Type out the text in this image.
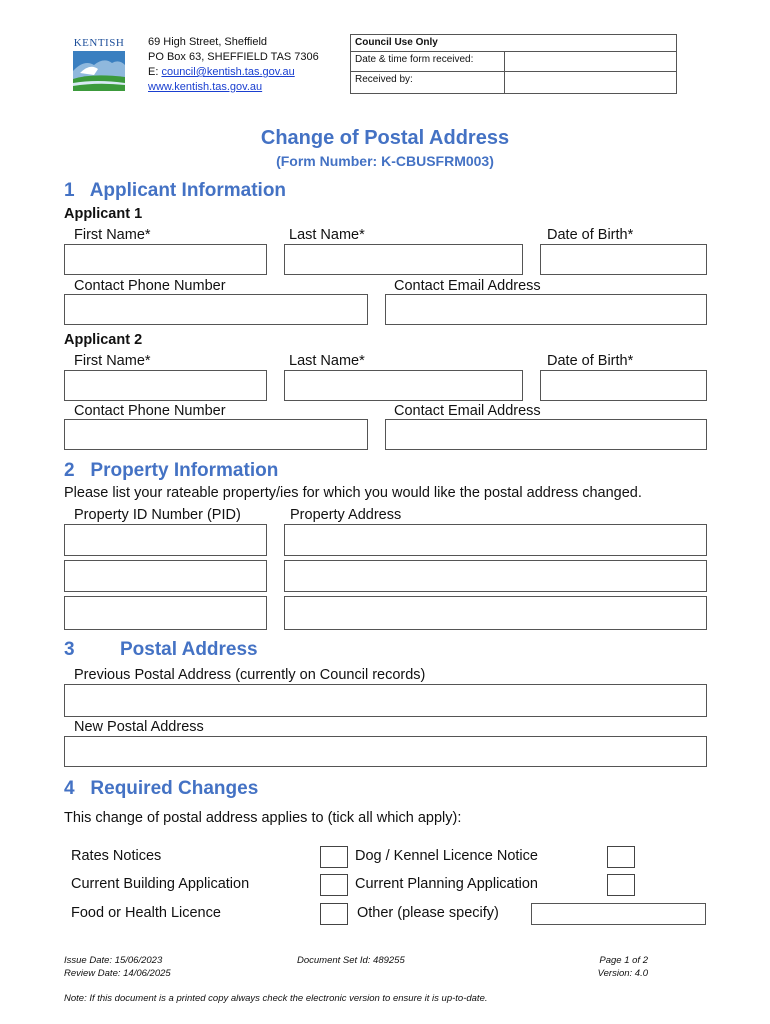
KENTISH 69 High Street, Sheffield
PO Box 63, SHEFFIELD TAS 7306
E: council@kentish.tas.gov.au
www.kentish.tas.gov.au
Council Use Only	
Date & time form received:	
Received by:	
Change of Postal Address
(Form Number: K-CBUSFRM003)
1   Applicant Information
Applicant 1
First Name*	Last Name*	Date of Birth*
Contact Phone Number	Contact Email Address
Applicant 2
First Name*	Last Name*	Date of Birth*
Contact Phone Number	Contact Email Address
2   Property Information
Please list your rateable property/ies for which you would like the postal address changed.
Property ID Number (PID)	Property Address
3 Postal Address
Previous Postal Address (currently on Council records)
New Postal Address
4   Required Changes
This change of postal address applies to (tick all which apply):
Rates Notices	Dog / Kennel Licence Notice
Current Building Application	Current Planning Application
Food or Health Licence	Other (please specify)
Issue Date: 15/06/2023
Review Date: 14/06/2025
Document Set Id: 489255	Page 1 of 2
Version: 4.0
Note: If this document is a printed copy always check the electronic version to ensure it is up-to-date.
